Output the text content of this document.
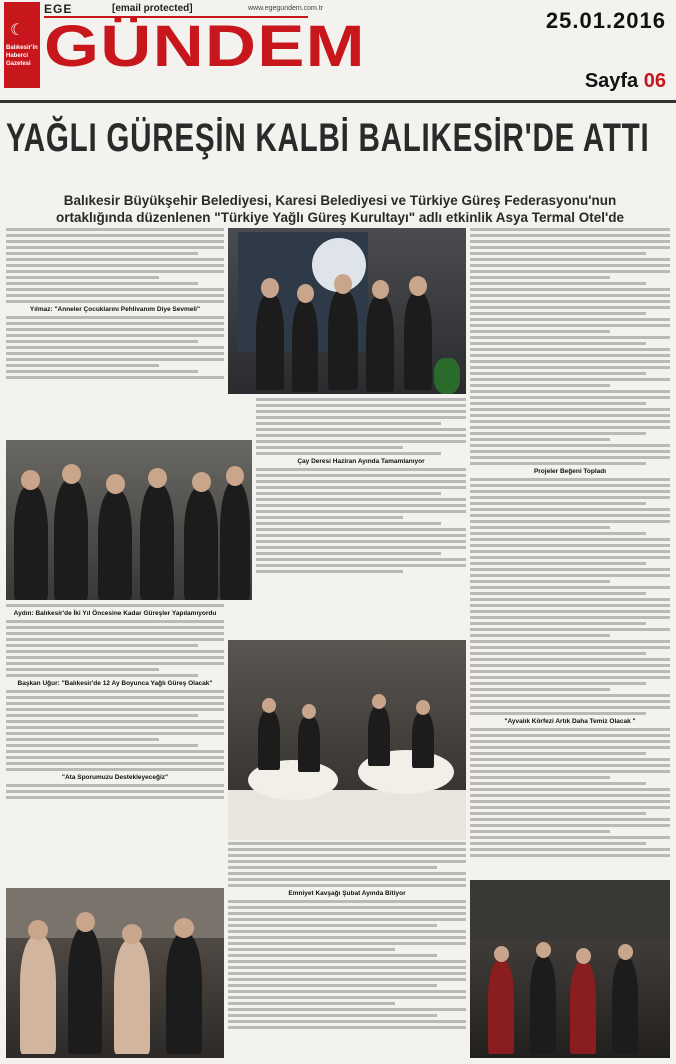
☾
Balıkesir'in Haberci Gazetesi
EGE	[email protected]	www.egegundem.com.tr
GÜNDEM	25.01.2016
Sayfa 06
YAĞLI GÜREŞİN KALBİ BALIKESİR'DE ATTI
Balıkesir Büyükşehir Belediyesi, Karesi Belediyesi ve Türkiye Güreş Federasyonu'nun ortaklığında düzenlenen "Türkiye Yağlı Güreş Kurultayı" adlı etkinlik Asya Termal Otel'de
Yılmaz: "Anneler Çocuklarını Pehlivanım Diye Sevmeli"
Projeler Beğeni Topladı
"Ayvalık Körfezi Artık Daha Temiz Olacak "
Çay Deresi Haziran Ayında Tamamlanıyor
Aydın: Balıkesir'de İki Yıl Öncesine Kadar Güreşler Yapılamıyordu
Başkan Uğur: "Balıkesir'de 12 Ay Boyunca Yağlı Güreş Olacak"
"Ata Sporumuzu Destekleyeceğiz"
Emniyet Kavşağı Şubat Ayında Bitiyor
